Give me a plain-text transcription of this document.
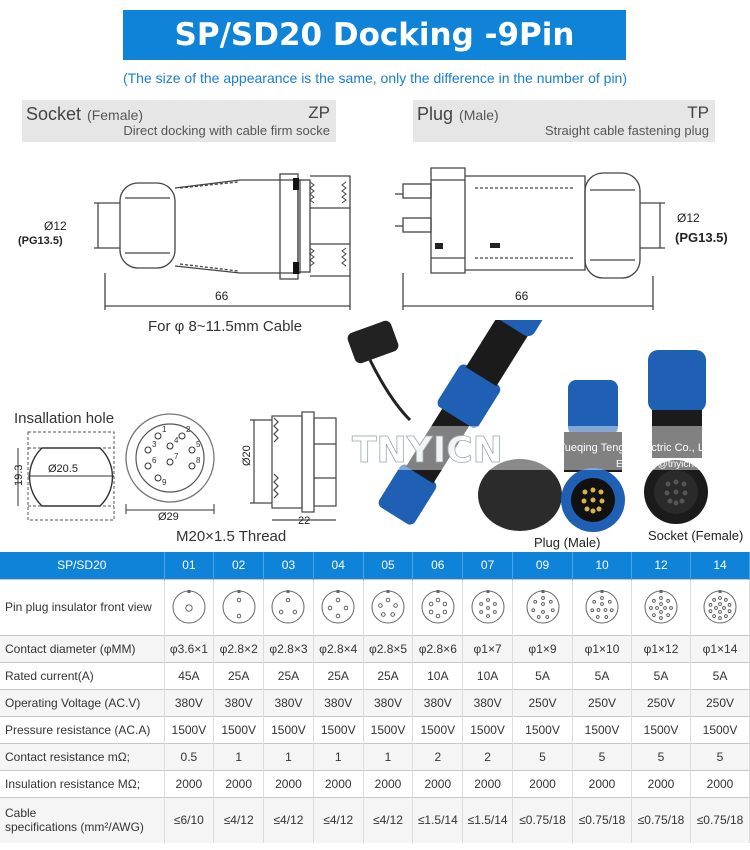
SP/SD20 Docking -9Pin
(The size of the appearance is the same, only the difference in the number of pin)
Socket (Female)	ZP
Direct docking with cable firm socke
Plug (Male)	TP
Straight cable fastening plug
Ø12
(PG13.5)
66
Ø12
(PG13.5)
66
For φ 8~11.5mm Cable
Insallation hole
19.3 Ø20.5
1 2
3 4 5
6 7 8
9
Ø29
Ø20
22
M20×1.5 Thread
TNYICN ®
Yueqing Tengyi Electric Co., Ltd.
E-mail: ty@tnyicn.com
Plug (Male)	Socket (Female)
SP/SD20	01	02	03	04	05	06	07	09	10	12	14
Pin plug insulator front view	

Contact diameter (φMM)	φ3.6×1	φ2.8×2	φ2.8×3	φ2.8×4	φ2.8×5	φ2.8×6	φ1×7	φ1×9	φ1×10	φ1×12	φ1×14
Rated current(A)	45A	25A	25A	25A	25A	10A	10A	5A	5A	5A	5A
Operating Voltage (AC.V)	380V	380V	380V	380V	380V	380V	380V	250V	250V	250V	250V
Pressure resistance (AC.A)	1500V	1500V	1500V	1500V	1500V	1500V	1500V	1500V	1500V	1500V	1500V
Contact resistance mΩ;	0.5	1	1	1	1	2	2	5	5	5	5
Insulation resistance MΩ;	2000	2000	2000	2000	2000	2000	2000	2000	2000	2000	2000
Cable
specifications (mm²/AWG)	≤6/10	≤4/12	≤4/12	≤4/12	≤4/12	≤1.5/14	≤1.5/14	≤0.75/18	≤0.75/18	≤0.75/18	≤0.75/18
